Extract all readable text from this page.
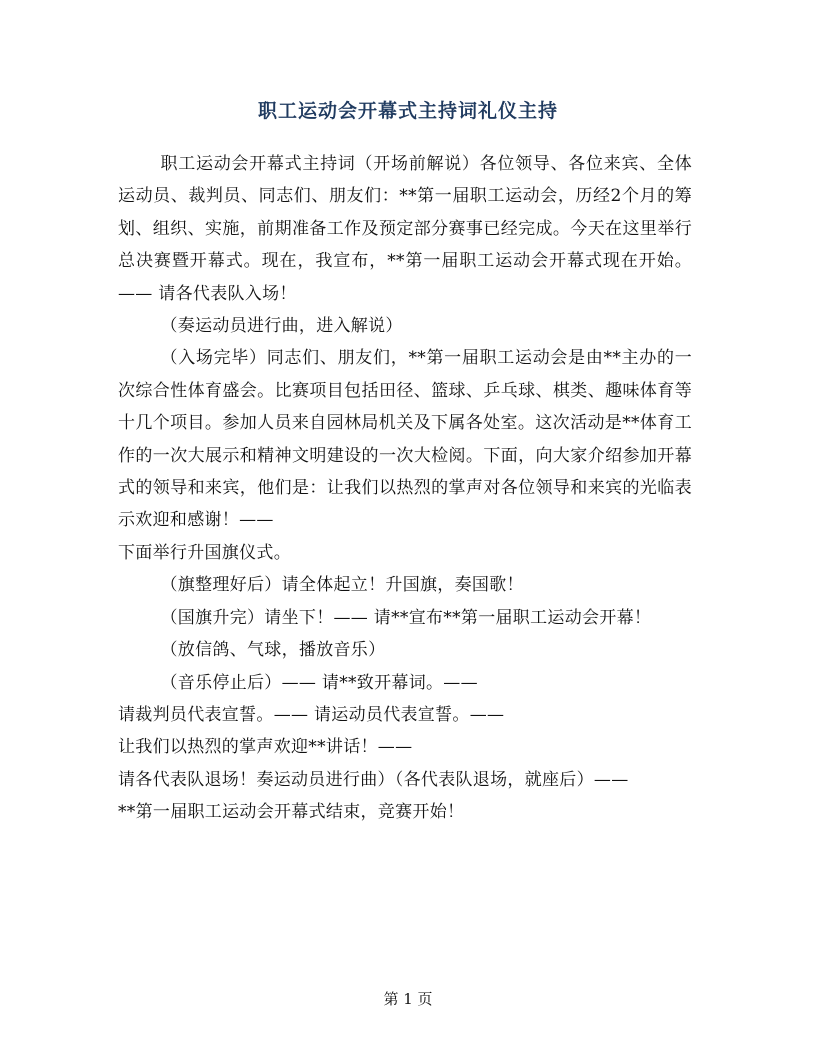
职工运动会开幕式主持词礼仪主持

职工运动会开幕式主持词（开场前解说）各位领导、各位来宾、全体运动员、裁判员、同志们、朋友们：**第一届职工运动会，历经2个月的筹划、组织、实施，前期准备工作及预定部分赛事已经完成。今天在这里举行总决赛暨开幕式。现在，我宣布，**第一届职工运动会开幕式现在开始。—— 请各代表队入场！

（奏运动员进行曲，进入解说）

（入场完毕）同志们、朋友们，**第一届职工运动会是由**主办的一次综合性体育盛会。比赛项目包括田径、篮球、乒乓球、棋类、趣味体育等十几个项目。参加人员来自园林局机关及下属各处室。这次活动是**体育工作的一次大展示和精神文明建设的一次大检阅。下面，向大家介绍参加开幕式的领导和来宾，他们是：让我们以热烈的掌声对各位领导和来宾的光临表示欢迎和感谢！——

下面举行升国旗仪式。

（旗整理好后）请全体起立！升国旗，奏国歌！

（国旗升完）请坐下！—— 请**宣布**第一届职工运动会开幕！

（放信鸽、气球，播放音乐）

（音乐停止后）—— 请**致开幕词。——

请裁判员代表宣誓。—— 请运动员代表宣誓。——

让我们以热烈的掌声欢迎**讲话！——

请各代表队退场！奏运动员进行曲）（各代表队退场，就座后）——

**第一届职工运动会开幕式结束，竞赛开始！

第 1 页
